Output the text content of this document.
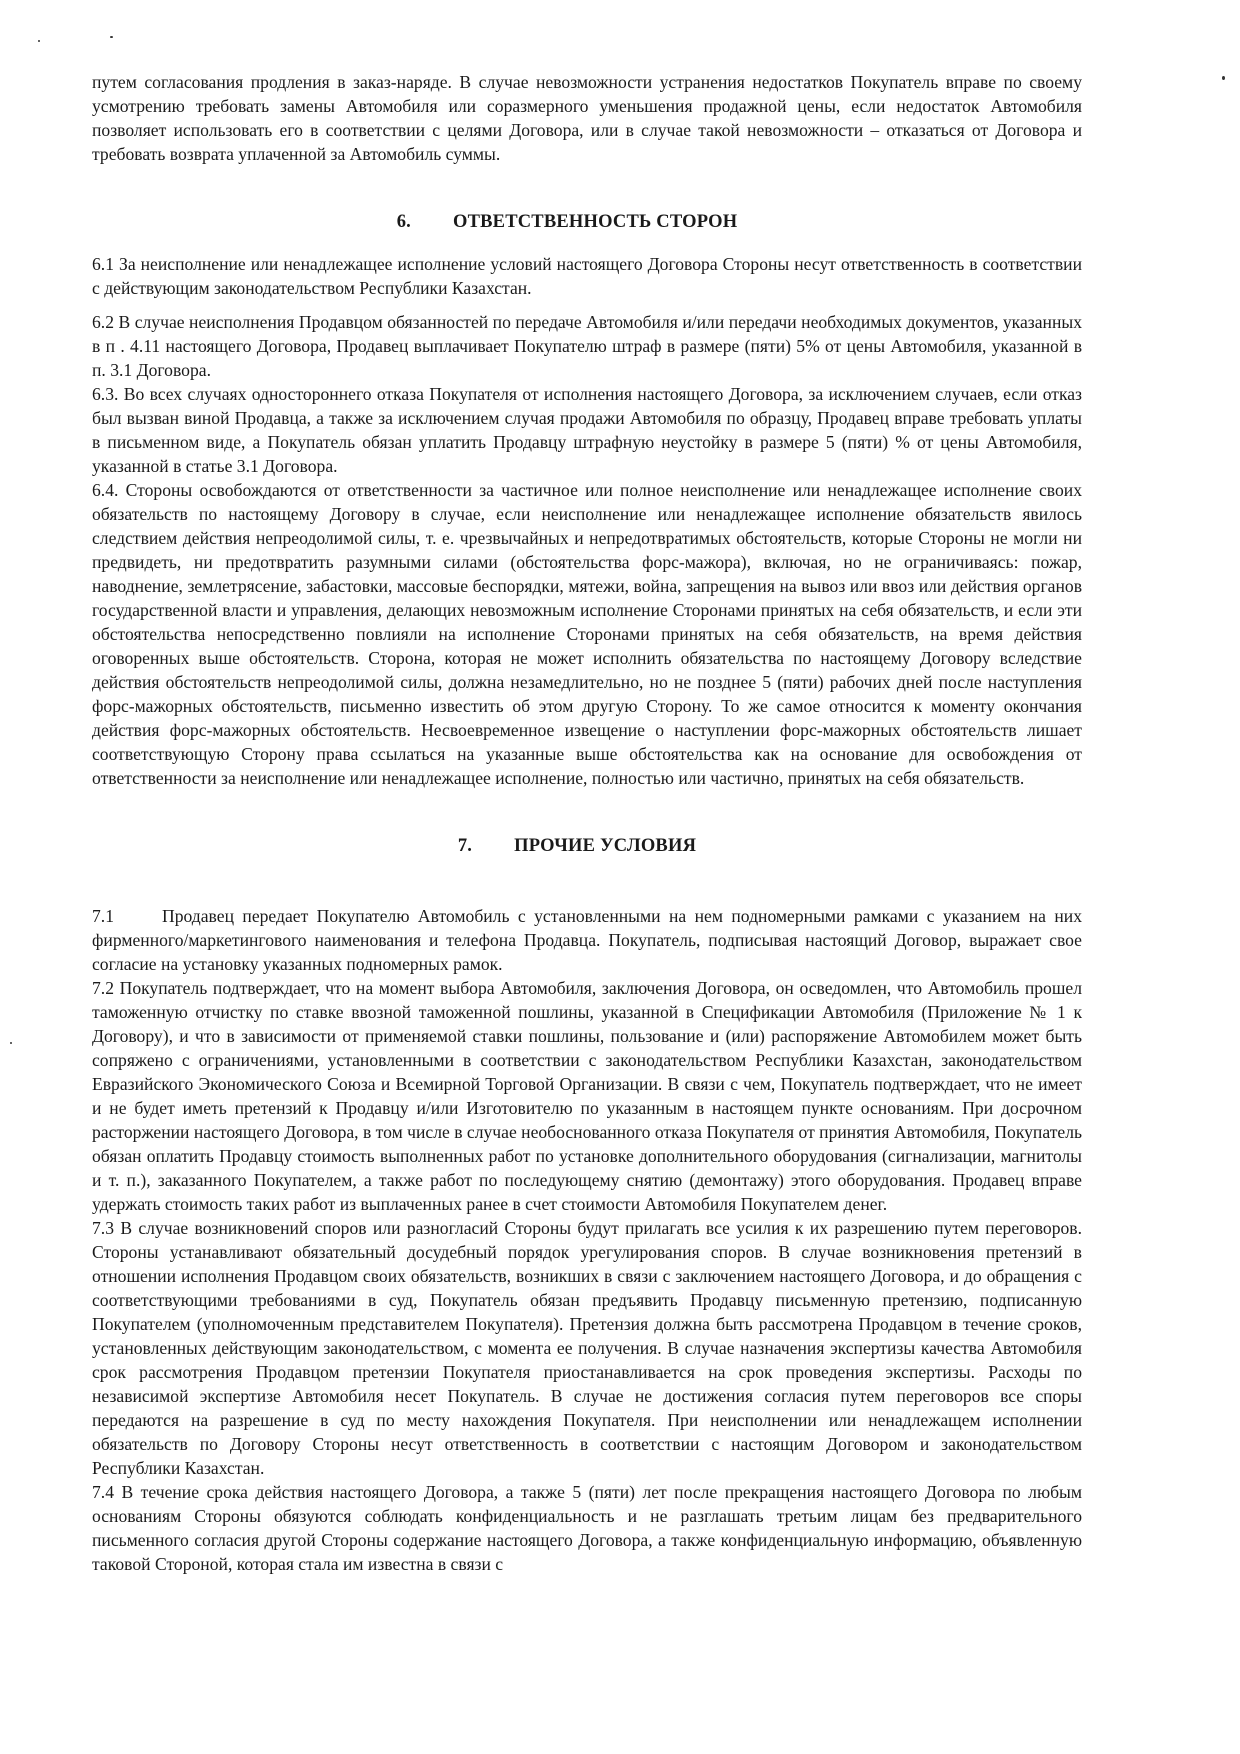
путем согласования продления в заказ-наряде. В случае невозможности устранения недостатков Покупатель вправе по своему усмотрению требовать замены Автомобиля или соразмерного уменьшения продажной цены, если недостаток Автомобиля позволяет использовать его в соответствии с целями Договора, или в случае такой невозможности – отказаться от Договора и требовать возврата уплаченной за Автомобиль суммы.

6. ОТВЕТСТВЕННОСТЬ СТОРОН

6.1 За неисполнение или ненадлежащее исполнение условий настоящего Договора Стороны несут ответственность в соответствии с действующим законодательством Республики Казахстан.

6.2 В случае неисполнения Продавцом обязанностей по передаче Автомобиля и/или передачи необходимых документов, указанных в п . 4.11 настоящего Договора, Продавец выплачивает Покупателю штраф в размере (пяти) 5% от цены Автомобиля, указанной в п. 3.1 Договора.

6.3. Во всех случаях одностороннего отказа Покупателя от исполнения настоящего Договора, за исключением случаев, если отказ был вызван виной Продавца, а также за исключением случая продажи Автомобиля по образцу, Продавец вправе требовать уплаты в письменном виде, а Покупатель обязан уплатить Продавцу штрафную неустойку в размере 5 (пяти) % от цены Автомобиля, указанной в статье 3.1 Договора.

6.4. Стороны освобождаются от ответственности за частичное или полное неисполнение или ненадлежащее исполнение своих обязательств по настоящему Договору в случае, если неисполнение или ненадлежащее исполнение обязательств явилось следствием действия непреодолимой силы, т. е. чрезвычайных и непредотвратимых обстоятельств, которые Стороны не могли ни предвидеть, ни предотвратить разумными силами (обстоятельства форс-мажора), включая, но не ограничиваясь: пожар, наводнение, землетрясение, забастовки, массовые беспорядки, мятежи, война, запрещения на вывоз или ввоз или действия органов государственной власти и управления, делающих невозможным исполнение Сторонами принятых на себя обязательств, и если эти обстоятельства непосредственно повлияли на исполнение Сторонами принятых на себя обязательств, на время действия оговоренных выше обстоятельств. Сторона, которая не может исполнить обязательства по настоящему Договору вследствие действия обстоятельств непреодолимой силы, должна незамедлительно, но не позднее 5 (пяти) рабочих дней после наступления форс-мажорных обстоятельств, письменно известить об этом другую Сторону. То же самое относится к моменту окончания действия форс-мажорных обстоятельств. Несвоевременное извещение о наступлении форс-мажорных обстоятельств лишает соответствующую Сторону права ссылаться на указанные выше обстоятельства как на основание для освобождения от ответственности за неисполнение или ненадлежащее исполнение, полностью или частично, принятых на себя обязательств.

7. ПРОЧИЕ УСЛОВИЯ

7.1	Продавец передает Покупателю Автомобиль с установленными на нем подномерными рамками с указанием на них фирменного/маркетингового наименования и телефона Продавца. Покупатель, подписывая настоящий Договор, выражает свое согласие на установку указанных подномерных рамок.

7.2 Покупатель подтверждает, что на момент выбора Автомобиля, заключения Договора, он осведомлен, что Автомобиль прошел таможенную отчистку по ставке ввозной таможенной пошлины, указанной в Спецификации Автомобиля (Приложение № 1 к Договору), и что в зависимости от применяемой ставки пошлины, пользование и (или) распоряжение Автомобилем может быть сопряжено с ограничениями, установленными в соответствии с законодательством Республики Казахстан, законодательством Евразийского Экономического Союза и Всемирной Торговой Организации. В связи с чем, Покупатель подтверждает, что не имеет и не будет иметь претензий к Продавцу и/или Изготовителю по указанным в настоящем пункте основаниям. При досрочном расторжении настоящего Договора, в том числе в случае необоснованного отказа Покупателя от принятия Автомобиля, Покупатель обязан оплатить Продавцу стоимость выполненных работ по установке дополнительного оборудования (сигнализации, магнитолы и т. п.), заказанного Покупателем, а также работ по последующему снятию (демонтажу) этого оборудования. Продавец вправе удержать стоимость таких работ из выплаченных ранее в счет стоимости Автомобиля Покупателем денег.

7.3 В случае возникновений споров или разногласий Стороны будут прилагать все усилия к их разрешению путем переговоров. Стороны устанавливают обязательный досудебный порядок урегулирования споров. В случае возникновения претензий в отношении исполнения Продавцом своих обязательств, возникших в связи с заключением настоящего Договора, и до обращения с соответствующими требованиями в суд, Покупатель обязан предъявить Продавцу письменную претензию, подписанную Покупателем (уполномоченным представителем Покупателя). Претензия должна быть рассмотрена Продавцом в течение сроков, установленных действующим законодательством, с момента ее получения. В случае назначения экспертизы качества Автомобиля срок рассмотрения Продавцом претензии Покупателя приостанавливается на срок проведения экспертизы. Расходы по независимой экспертизе Автомобиля несет Покупатель. В случае не достижения согласия путем переговоров все споры передаются на разрешение в суд по месту нахождения Покупателя. При неисполнении или ненадлежащем исполнении обязательств по Договору Стороны несут ответственность в соответствии с настоящим Договором и законодательством Республики Казахстан.

7.4 В течение срока действия настоящего Договора, а также 5 (пяти) лет после прекращения настоящего Договора по любым основаниям Стороны обязуются соблюдать конфиденциальность и не разглашать третьим лицам без предварительного письменного согласия другой Стороны содержание настоящего Договора, а также конфиденциальную информацию, объявленную таковой Стороной, которая стала им известна в связи с
